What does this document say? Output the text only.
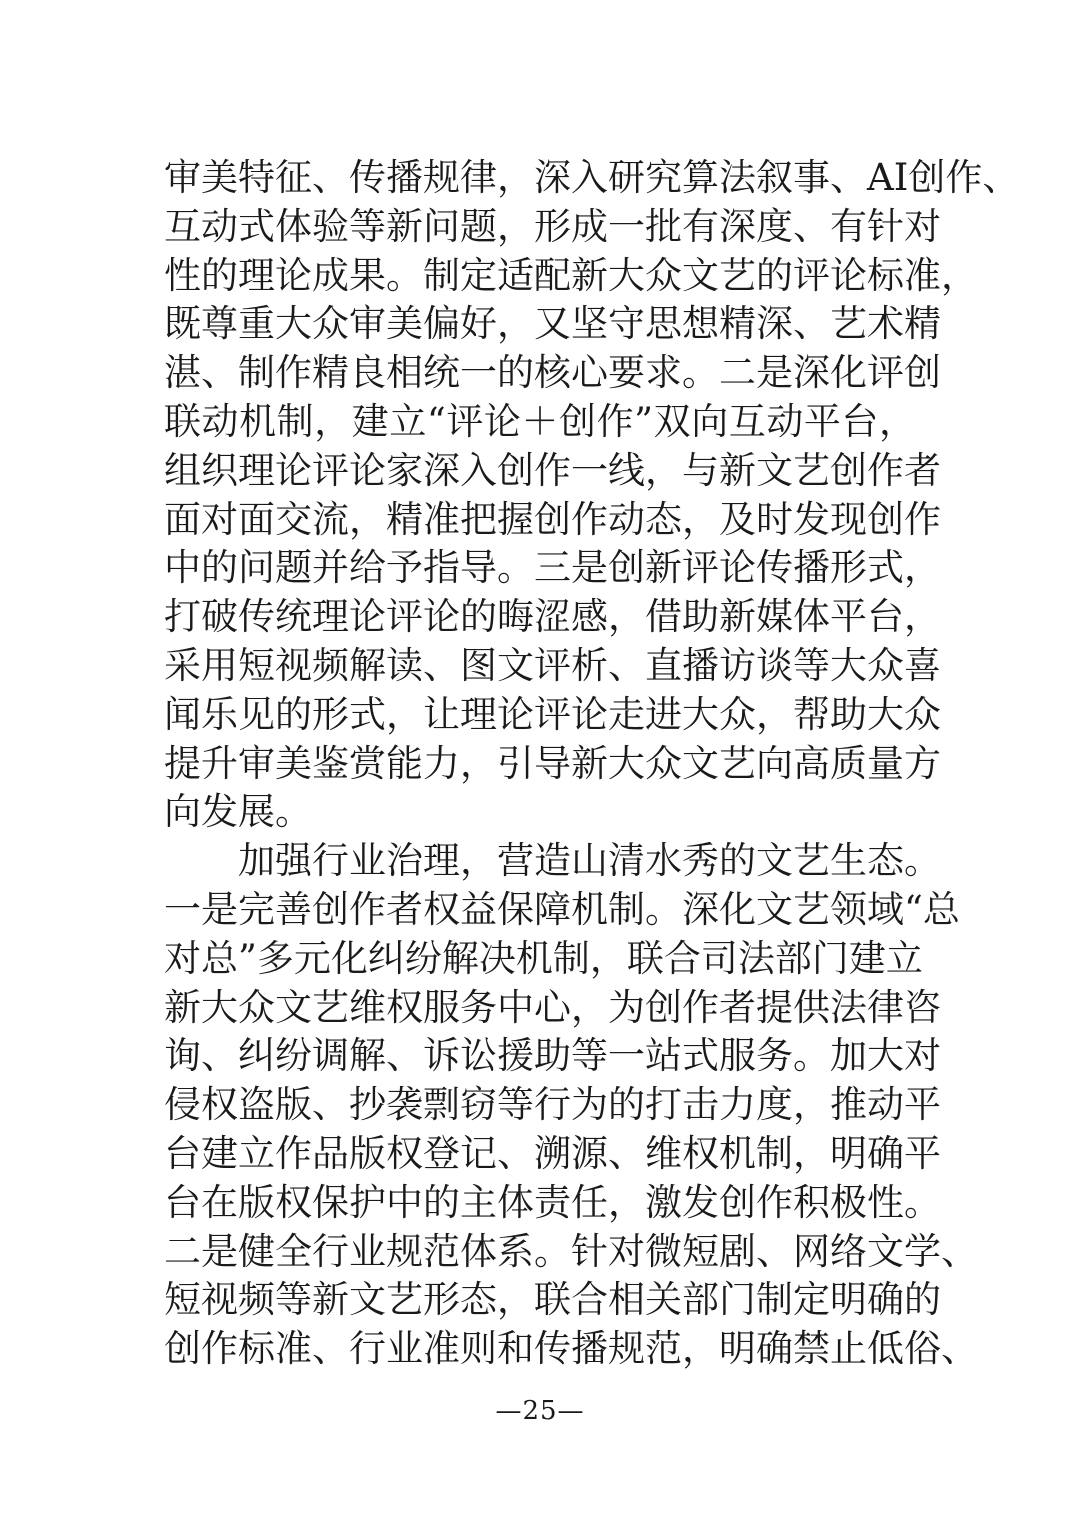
审美特征、传播规律，深入研究算法叙事、AI创作、
互动式体验等新问题，形成一批有深度、有针对
性的理论成果。制定适配新大众文艺的评论标准，
既尊重大众审美偏好，又坚守思想精深、艺术精
湛、制作精良相统一的核心要求。二是深化评创
联动机制，建立“评论＋创作”双向互动平台，
组织理论评论家深入创作一线，与新文艺创作者
面对面交流，精准把握创作动态，及时发现创作
中的问题并给予指导。三是创新评论传播形式，
打破传统理论评论的晦涩感，借助新媒体平台，
采用短视频解读、图文评析、直播访谈等大众喜
闻乐见的形式，让理论评论走进大众，帮助大众
提升审美鉴赏能力，引导新大众文艺向高质量方
向发展。
加强行业治理，营造山清水秀的文艺生态。
一是完善创作者权益保障机制。深化文艺领域“总
对总”多元化纠纷解决机制，联合司法部门建立
新大众文艺维权服务中心，为创作者提供法律咨
询、纠纷调解、诉讼援助等一站式服务。加大对
侵权盗版、抄袭剽窃等行为的打击力度，推动平
台建立作品版权登记、溯源、维权机制，明确平
台在版权保护中的主体责任，激发创作积极性。
二是健全行业规范体系。针对微短剧、网络文学、
短视频等新文艺形态，联合相关部门制定明确的
创作标准、行业准则和传播规范，明确禁止低俗、
—25—
